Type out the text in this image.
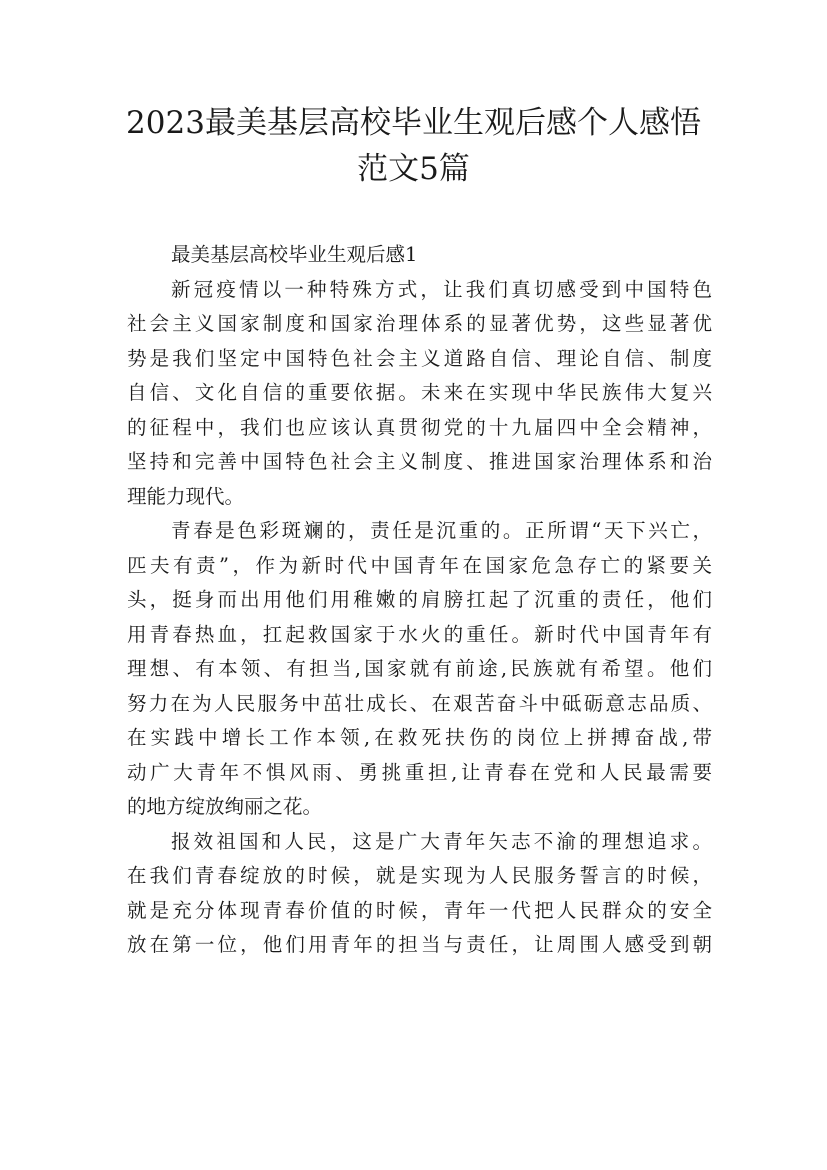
2023最美基层高校毕业生观后感个人感悟
范文5篇
最美基层高校毕业生观后感1
新冠疫情以一种特殊方式，让我们真切感受到中国特色
社会主义国家制度和国家治理体系的显著优势，这些显著优
势是我们坚定中国特色社会主义道路自信、理论自信、制度
自信、文化自信的重要依据。未来在实现中华民族伟大复兴
的征程中，我们也应该认真贯彻党的十九届四中全会精神，
坚持和完善中国特色社会主义制度、推进国家治理体系和治
理能力现代。
青春是色彩斑斓的，责任是沉重的。正所谓“天下兴亡，
匹夫有责”，作为新时代中国青年在国家危急存亡的紧要关
头，挺身而出用他们用稚嫩的肩膀扛起了沉重的责任，他们
用青春热血，扛起救国家于水火的重任。新时代中国青年有
理想、有本领、有担当,国家就有前途,民族就有希望。他们
努力在为人民服务中茁壮成长、在艰苦奋斗中砥砺意志品质、
在实践中增长工作本领,在救死扶伤的岗位上拼搏奋战,带
动广大青年不惧风雨、勇挑重担,让青春在党和人民最需要
的地方绽放绚丽之花。
报效祖国和人民，这是广大青年矢志不渝的理想追求。
在我们青春绽放的时候，就是实现为人民服务誓言的时候，
就是充分体现青春价值的时候，青年一代把人民群众的安全
放在第一位，他们用青年的担当与责任，让周围人感受到朝
